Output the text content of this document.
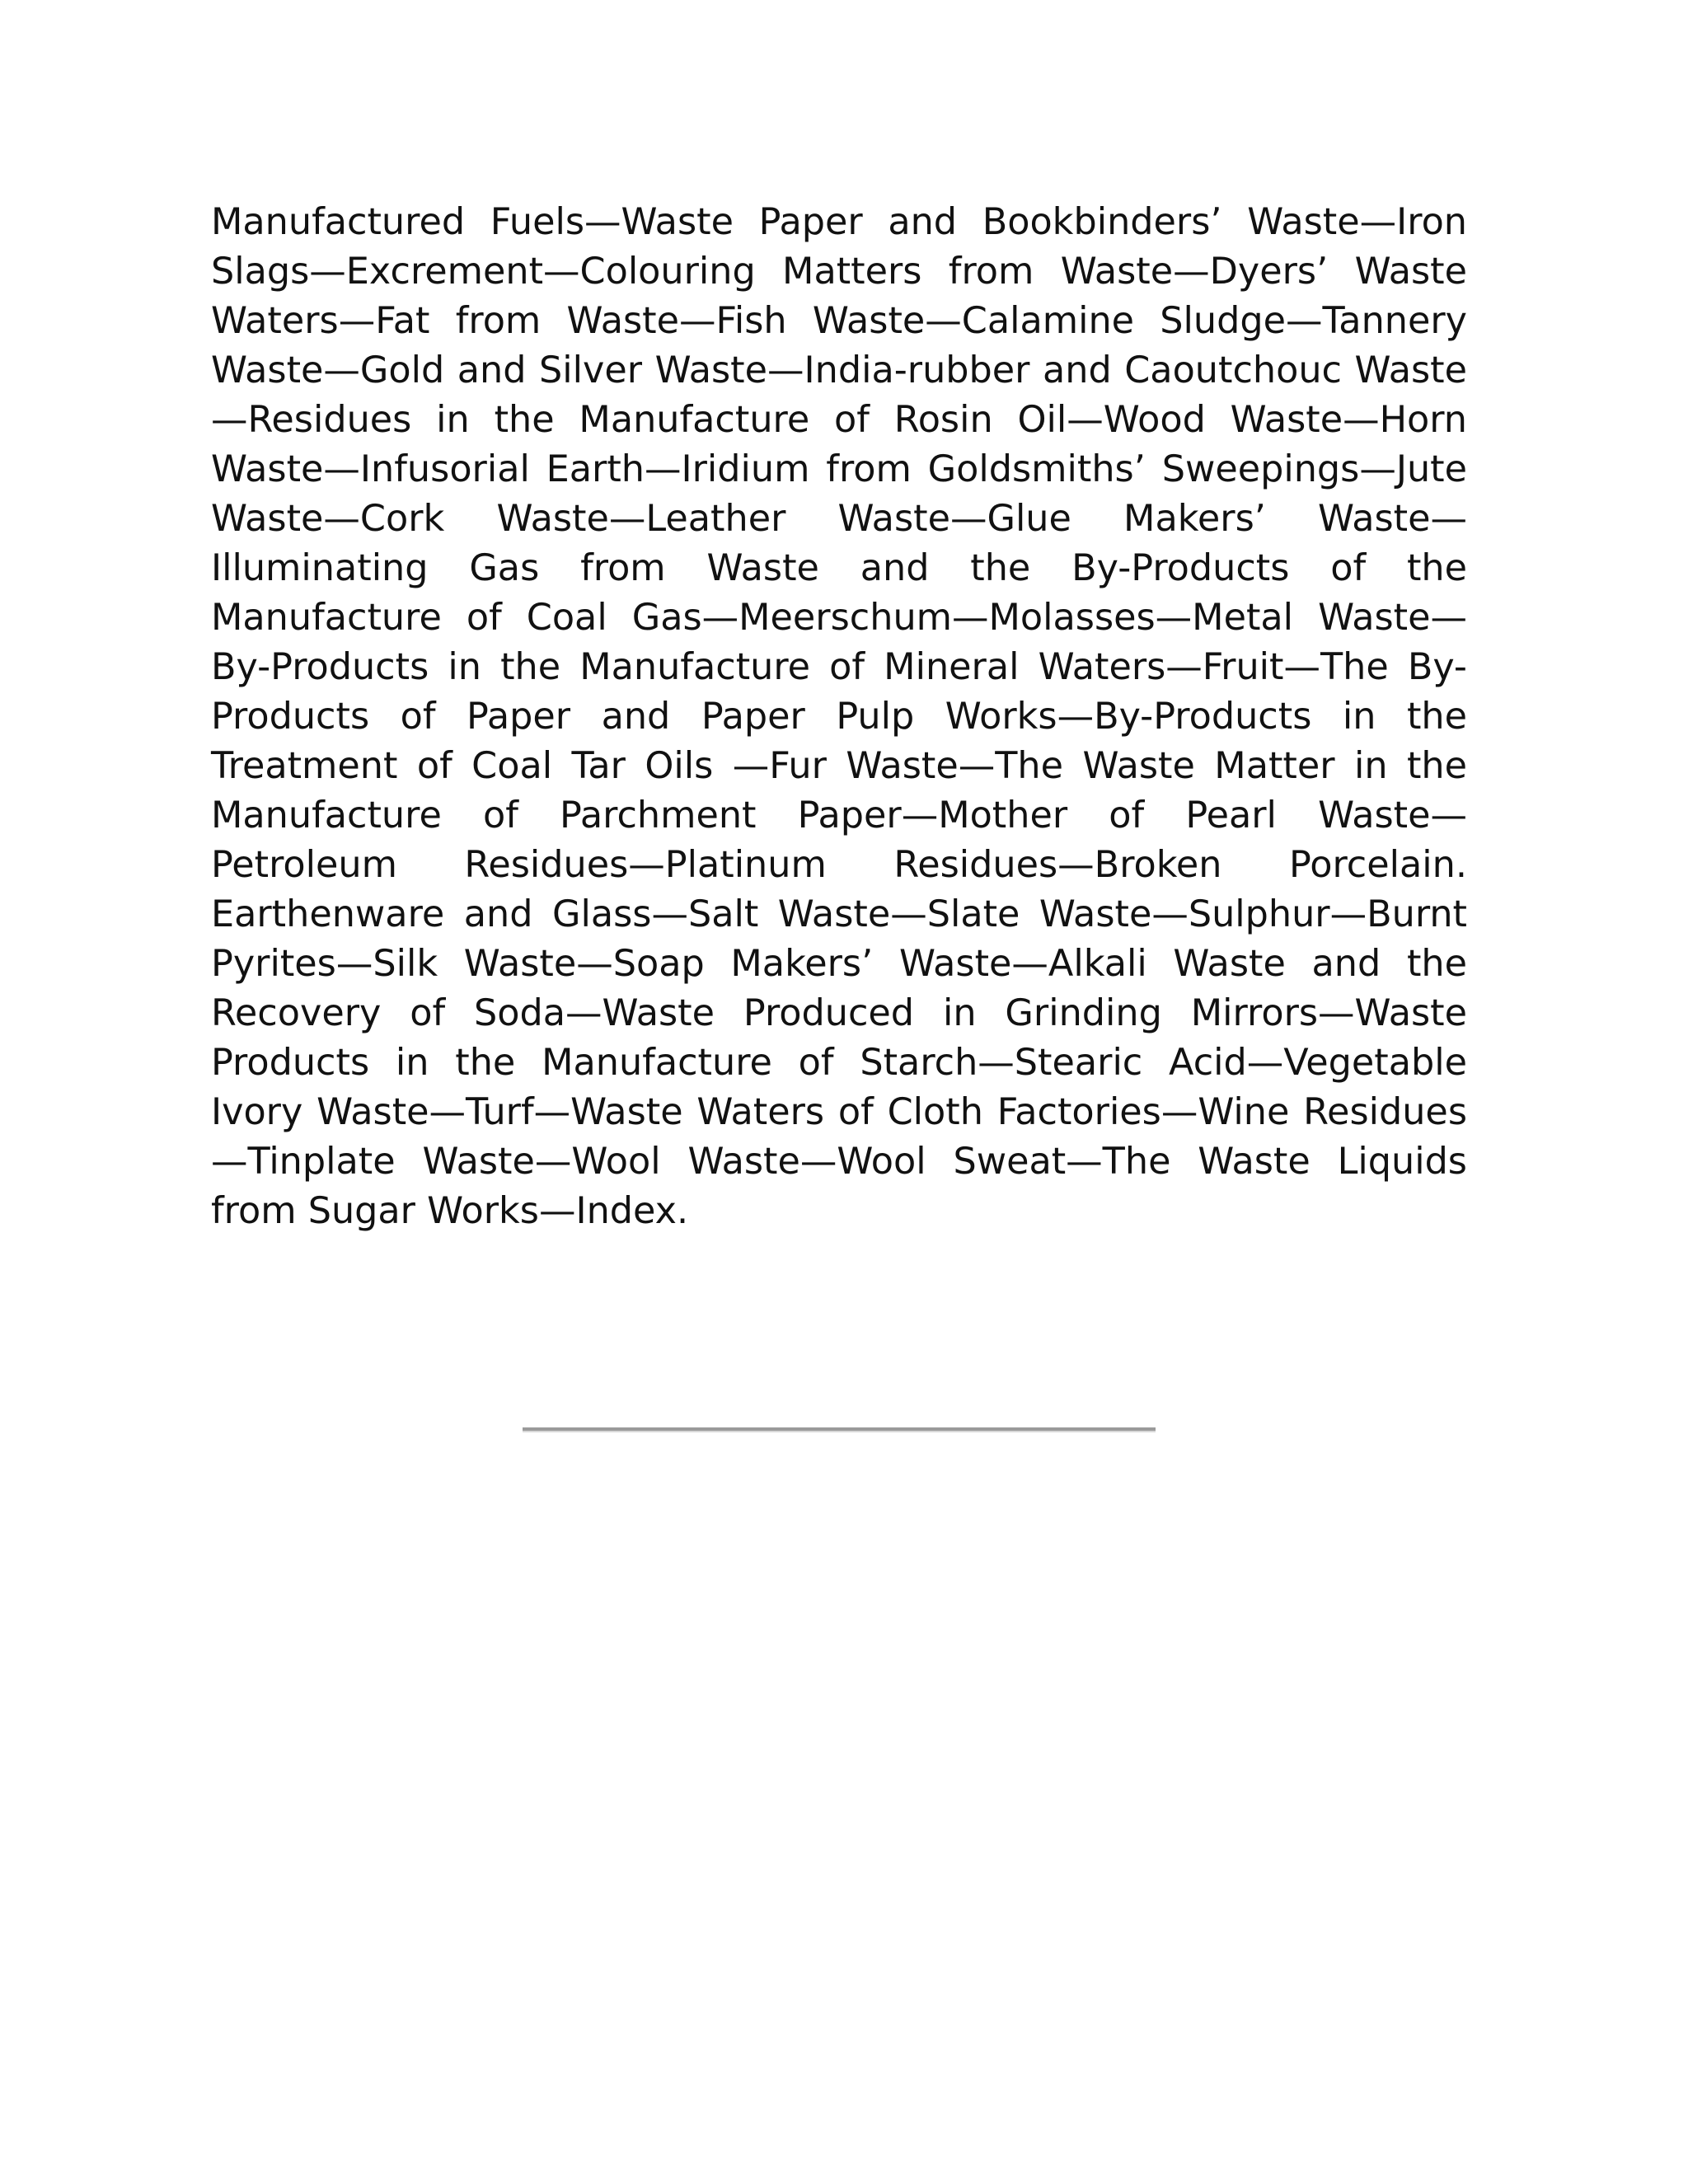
Manufactured Fuels—Waste Paper and Bookbinders’ Waste—Iron Slags—Excrement—Colouring Matters from Waste—Dyers’ Waste Waters—Fat from Waste—Fish Waste—Calamine Sludge—Tannery Waste—Gold and Silver Waste—India-rubber and Caoutchouc Waste —Residues in the Manufacture of Rosin Oil—Wood Waste—Horn Waste—Infusorial Earth—Iridium from Goldsmiths’ Sweepings—Jute Waste—Cork Waste—Leather Waste—Glue Makers’ Waste—Illuminating Gas from Waste and the By-Products of the Manufacture of Coal Gas—Meerschum—Molasses—Metal Waste—By-Products in the Manufacture of Mineral Waters—Fruit—The By-Products of Paper and Paper Pulp Works—By-Products in the Treatment of Coal Tar Oils —Fur Waste—The Waste Matter in the Manufacture of Parchment Paper—Mother of Pearl Waste—Petroleum Residues—Platinum Residues—Broken Porcelain. Earthenware and Glass—Salt Waste—Slate Waste—Sulphur—Burnt Pyrites—Silk Waste—Soap Makers’ Waste—Alkali Waste and the Recovery of Soda—Waste Produced in Grinding Mirrors—Waste Products in the Manufacture of Starch—Stearic Acid—Vegetable Ivory Waste—Turf—Waste Waters of Cloth Factories—Wine Residues—Tinplate Waste—Wool Waste—Wool Sweat—The Waste Liquids from Sugar Works—Index.
